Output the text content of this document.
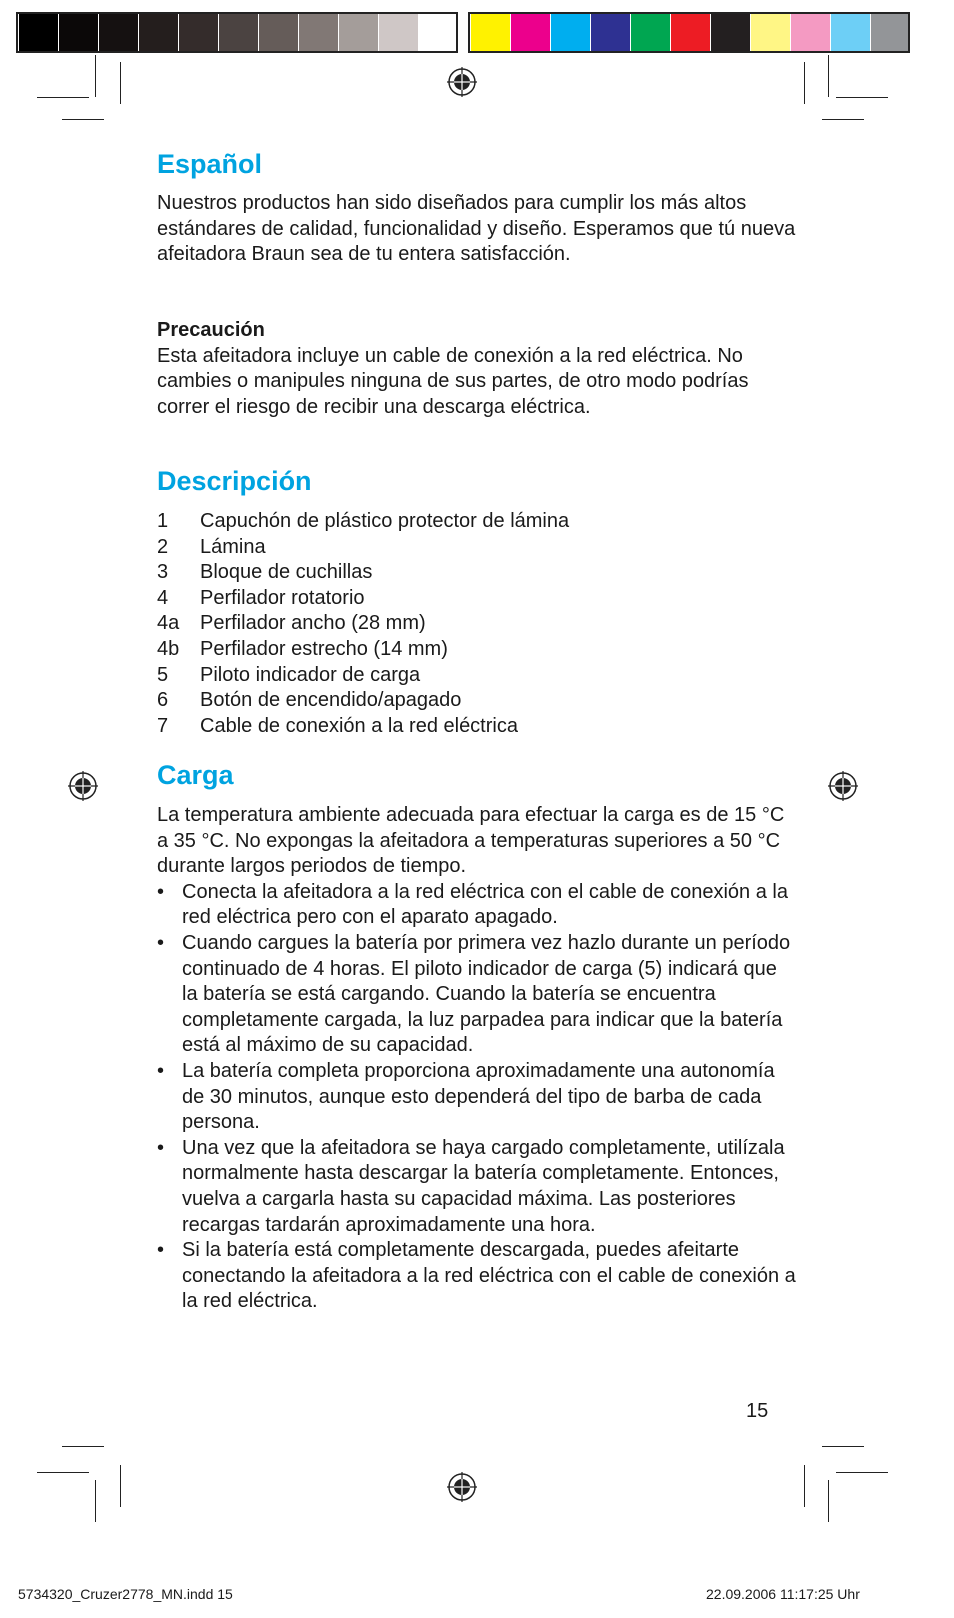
Español

Nuestros productos han sido diseñados para cumplir los más altos estándares de calidad, funcionalidad y diseño. Esperamos que tú nueva afeitadora Braun sea de tu entera satisfacción.

Precaución

Esta afeitadora incluye un cable de conexión a la red eléctrica. No cambies o manipules ninguna de sus partes, de otro modo podrías correr el riesgo de recibir una descarga eléctrica.

Descripción
1	Capuchón de plástico protector de lámina
2	Lámina
3	Bloque de cuchillas
4	Perfilador rotatorio
4a	Perfilador ancho (28 mm)
4b	Perfilador estrecho (14 mm)
5	Piloto indicador de carga
6	Botón de encendido/apagado
7	Cable de conexión a la red eléctrica
Carga

La temperatura ambiente adecuada para efectuar la carga es de 15 °C a 35 °C. No expongas la afeitadora a temperaturas superiores a 50 °C durante largos periodos de tiempo.

• Conecta la afeitadora a la red eléctrica con el cable de conexión a la red eléctrica pero con el aparato apagado.
• Cuando cargues la batería por primera vez hazlo durante un período continuado de 4 horas. El piloto indicador de carga (5) indicará que la batería se está cargando. Cuando la batería se encuentra completamente cargada, la luz parpadea para indicar que la batería está al máximo de su capacidad.
• La batería completa proporciona aproximadamente una autonomía de 30 minutos, aunque esto dependerá del tipo de barba de cada persona.
• Una vez que la afeitadora se haya cargado completamente, utilízala normalmente hasta descargar la batería completamente. Entonces, vuelva a cargarla hasta su capacidad máxima. Las posteriores recargas tardarán aproximadamente una hora.
• Si la batería está completamente descargada, puedes afeitarte conectando la afeitadora a la red eléctrica con el cable de conexión a la red eléctrica.
15
5734320_Cruzer2778_MN.indd 15	22.09.2006 11:17:25 Uhr
